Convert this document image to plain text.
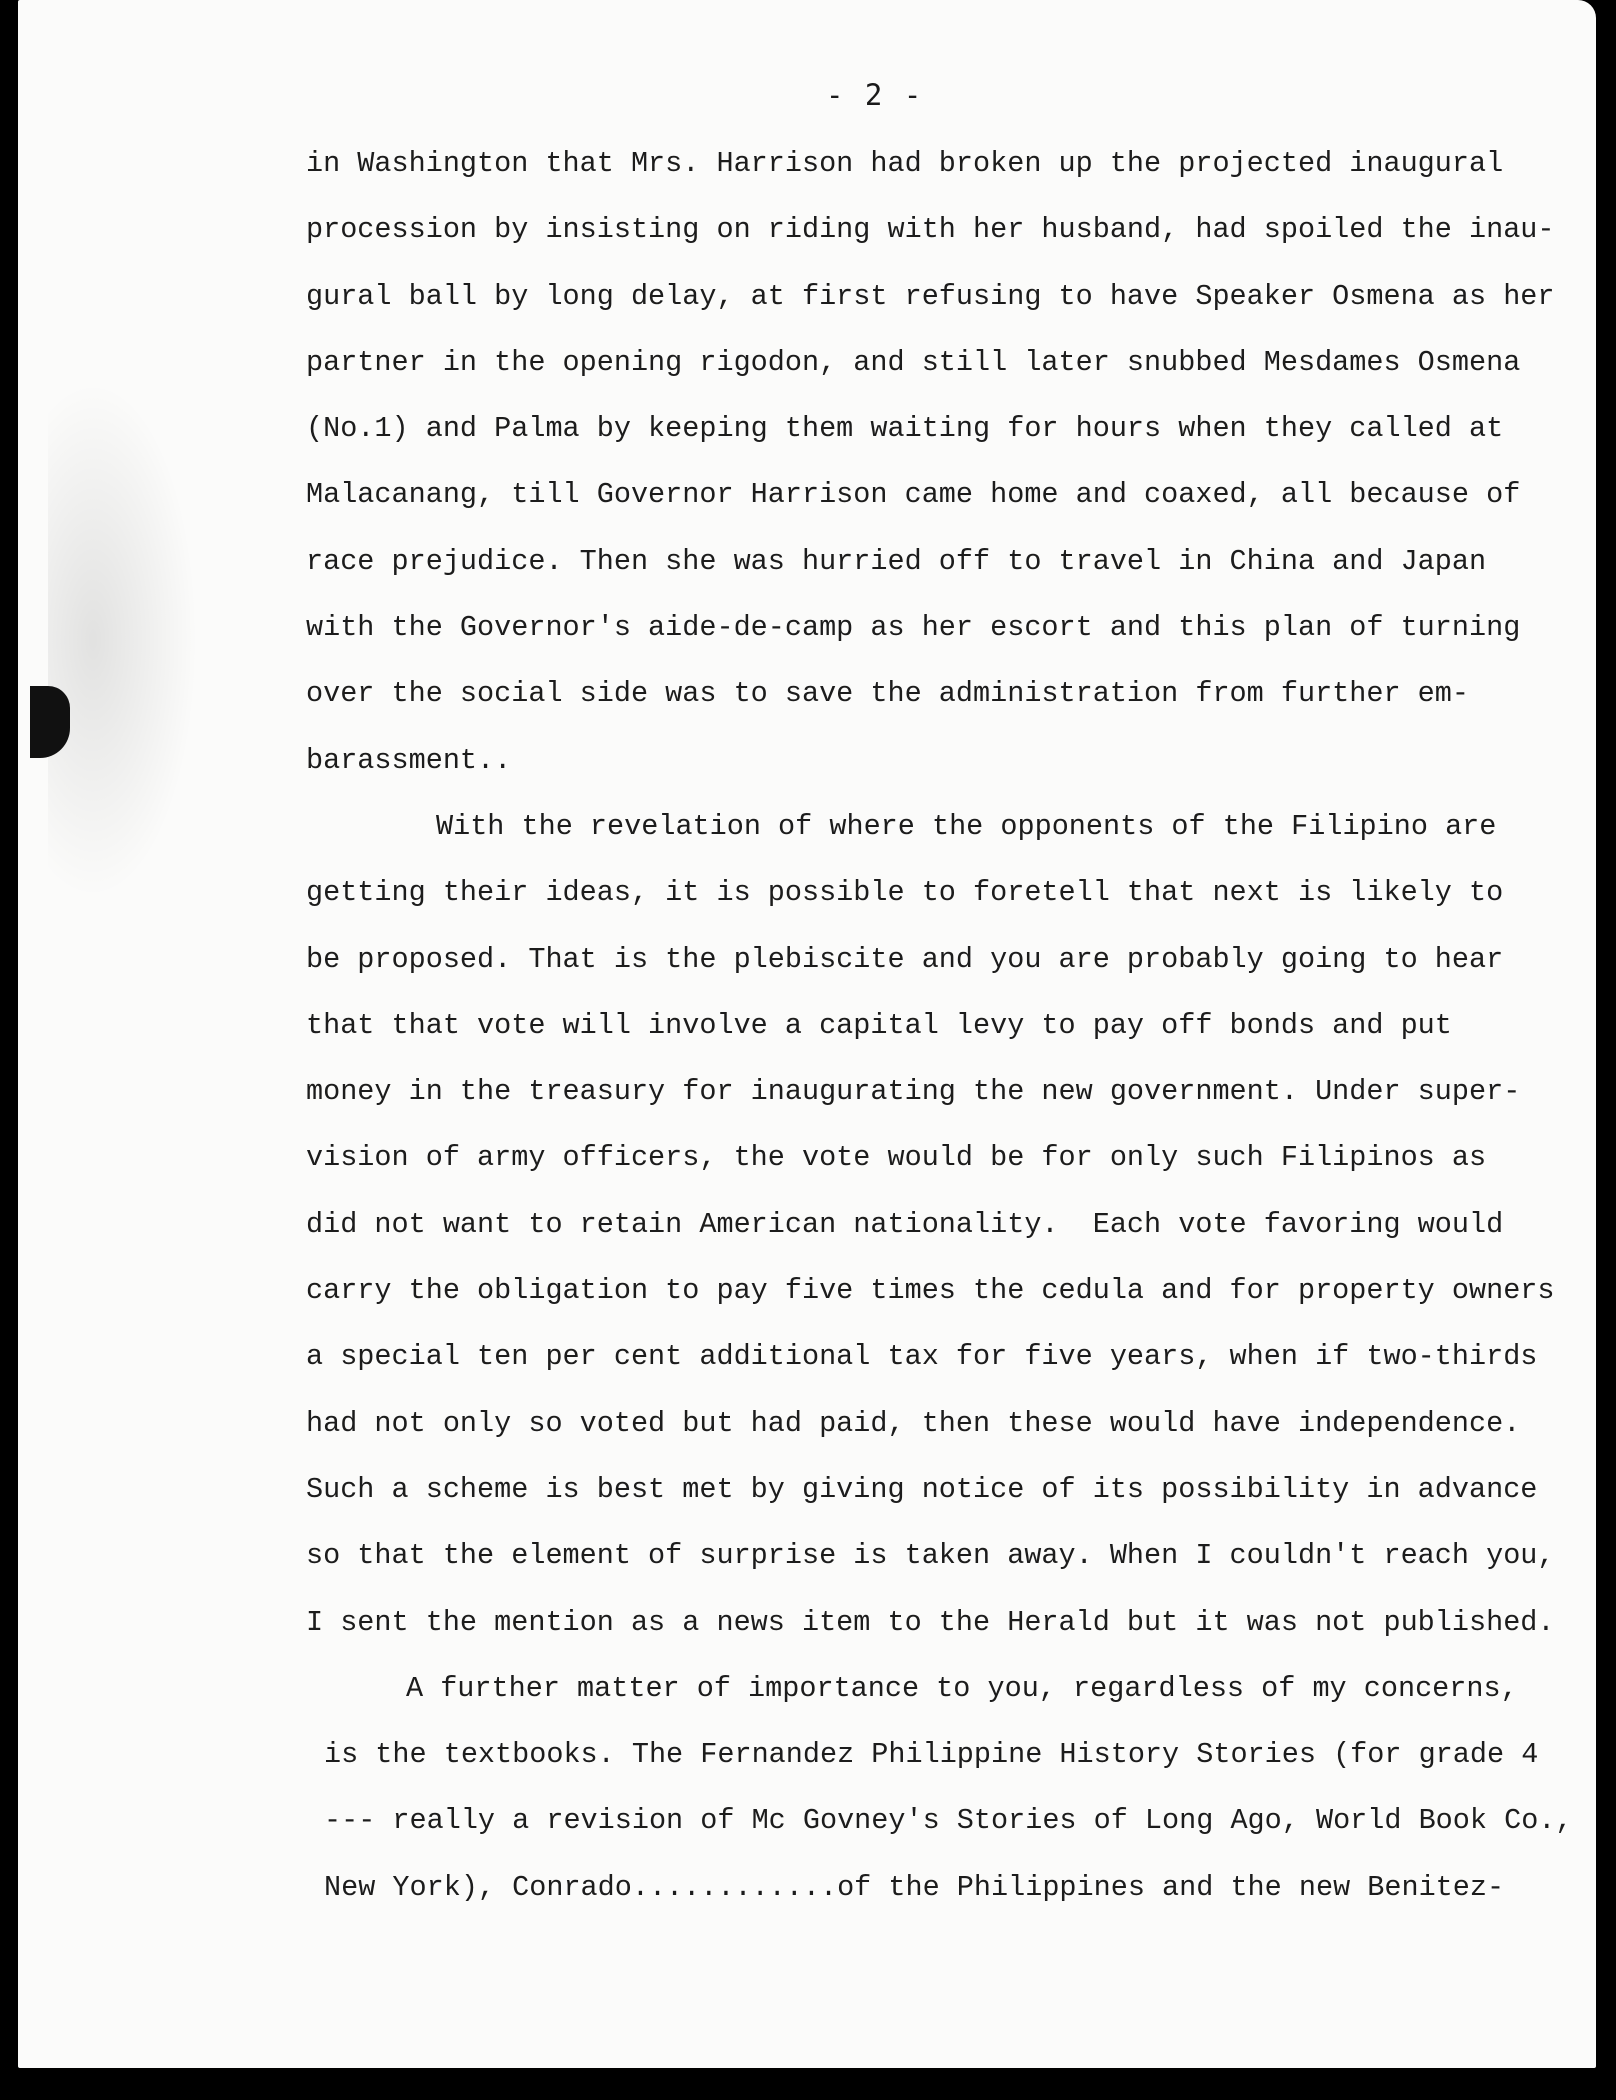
- 2 -
in Washington that Mrs. Harrison had broken up the projected inaugural
procession by insisting on riding with her husband, had spoiled the inau-
gural ball by long delay, at first refusing to have Speaker Osmena as her
partner in the opening rigodon, and still later snubbed Mesdames Osmena
(No.1) and Palma by keeping them waiting for hours when they called at
Malacanang, till Governor Harrison came home and coaxed, all because of
race prejudice. Then she was hurried off to travel in China and Japan
with the Governor's aide-de-camp as her escort and this plan of turning
over the social side was to save the administration from further em-
barassment..
With the revelation of where the opponents of the Filipino are
getting their ideas, it is possible to foretell that next is likely to
be proposed. That is the plebiscite and you are probably going to hear
that that vote will involve a capital levy to pay off bonds and put
money in the treasury for inaugurating the new government. Under super-
vision of army officers, the vote would be for only such Filipinos as
did not want to retain American nationality.  Each vote favoring would
carry the obligation to pay five times the cedula and for property owners
a special ten per cent additional tax for five years, when if two-thirds
had not only so voted but had paid, then these would have independence.
Such a scheme is best met by giving notice of its possibility in advance
so that the element of surprise is taken away. When I couldn't reach you,
I sent the mention as a news item to the Herald but it was not published.
A further matter of importance to you, regardless of my concerns,
is the textbooks. The Fernandez Philippine History Stories (for grade 4
--- really a revision of Mc Govney's Stories of Long Ago, World Book Co.,
New York), Conrado............of the Philippines and the new Benitez-
